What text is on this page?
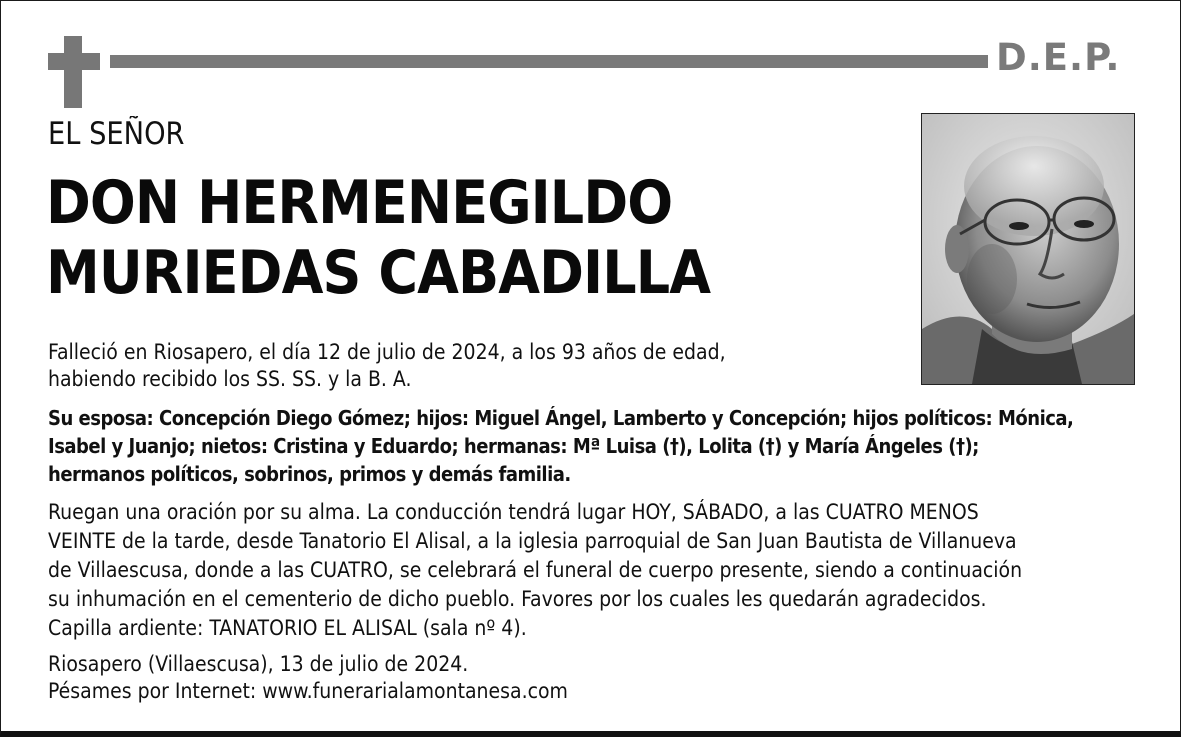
D.E.P.
EL SEÑOR
DON HERMENEGILDO
MURIEDAS CABADILLA
Falleció en Riosapero, el día 12 de julio de 2024, a los 93 años de edad,
habiendo recibido los SS. SS. y la B. A.
Su esposa: Concepción Diego Gómez; hijos: Miguel Ángel, Lamberto y Concepción; hijos políticos: Mónica,
Isabel y Juanjo; nietos: Cristina y Eduardo; hermanas: Mª Luisa (†), Lolita (†) y María Ángeles (†);
hermanos políticos, sobrinos, primos y demás familia.
Ruegan una oración por su alma. La conducción tendrá lugar HOY, SÁBADO, a las CUATRO MENOS
VEINTE de la tarde, desde Tanatorio El Alisal, a la iglesia parroquial de San Juan Bautista de Villanueva
de Villaescusa, donde a las CUATRO, se celebrará el funeral de cuerpo presente, siendo a continuación
su inhumación en el cementerio de dicho pueblo. Favores por los cuales les quedarán agradecidos.
Capilla ardiente: TANATORIO EL ALISAL (sala nº 4).
Riosapero (Villaescusa), 13 de julio de 2024.
Pésames por Internet: www.funerarialamontanesa.com
